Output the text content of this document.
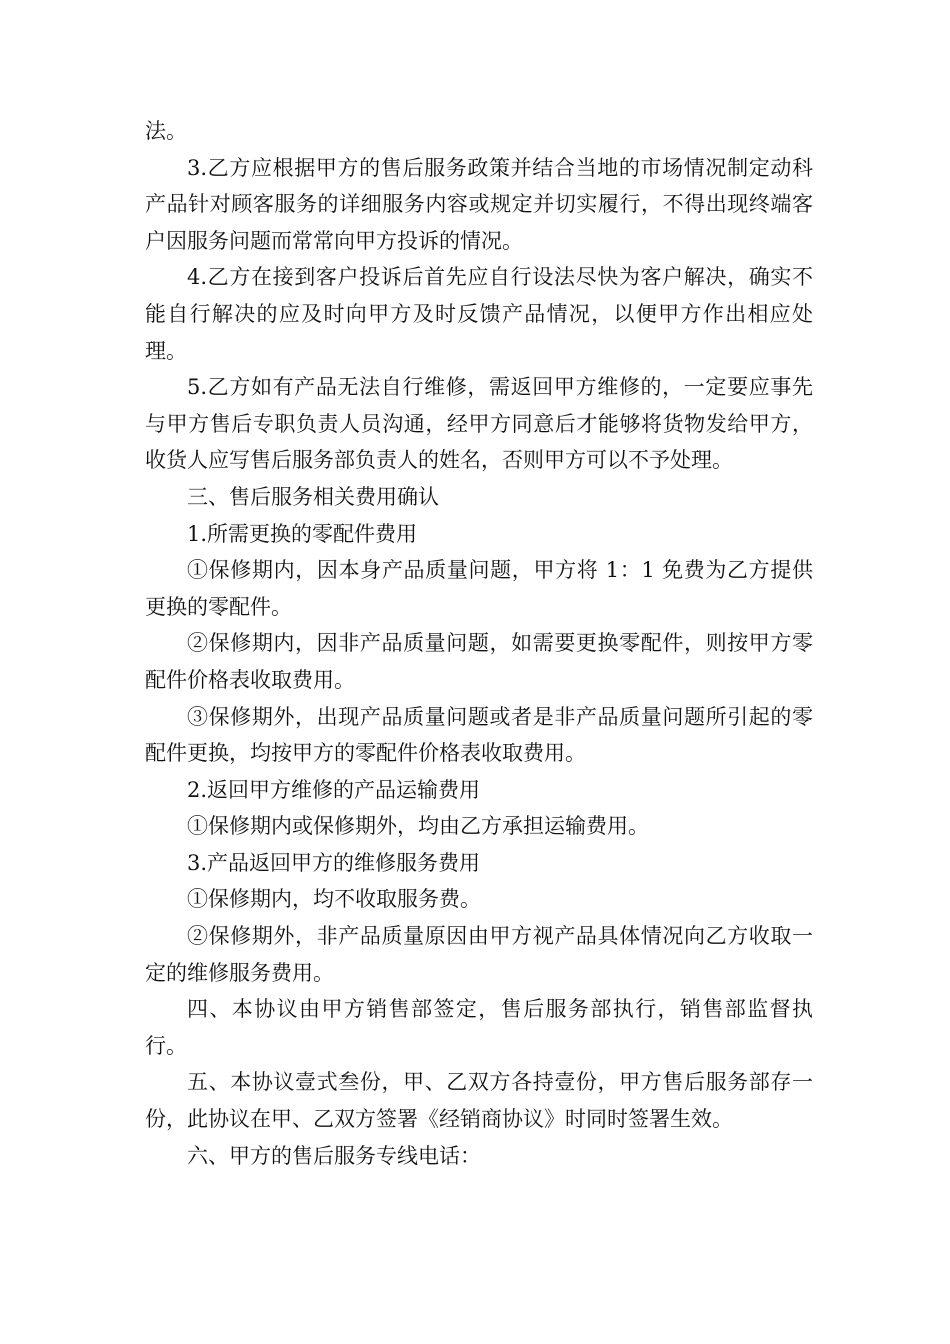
法。

3.乙方应根据甲方的售后服务政策并结合当地的市场情况制定动科产品针对顾客服务的详细服务内容或规定并切实履行，不得出现终端客户因服务问题而常常向甲方投诉的情况。

4.乙方在接到客户投诉后首先应自行设法尽快为客户解决，确实不能自行解决的应及时向甲方及时反馈产品情况，以便甲方作出相应处理。

5.乙方如有产品无法自行维修，需返回甲方维修的，一定要应事先与甲方售后专职负责人员沟通，经甲方同意后才能够将货物发给甲方，收货人应写售后服务部负责人的姓名，否则甲方可以不予处理。

三、售后服务相关费用确认

1.所需更换的零配件费用

①保修期内，因本身产品质量问题，甲方将 1：1 免费为乙方提供更换的零配件。

②保修期内，因非产品质量问题，如需要更换零配件，则按甲方零配件价格表收取费用。

③保修期外，出现产品质量问题或者是非产品质量问题所引起的零配件更换，均按甲方的零配件价格表收取费用。

2.返回甲方维修的产品运输费用

①保修期内或保修期外，均由乙方承担运输费用。

3.产品返回甲方的维修服务费用

①保修期内，均不收取服务费。

②保修期外，非产品质量原因由甲方视产品具体情况向乙方收取一定的维修服务费用。

四、本协议由甲方销售部签定，售后服务部执行，销售部监督执行。

五、本协议壹式叁份，甲、乙双方各持壹份，甲方售后服务部存一份，此协议在甲、乙双方签署《经销商协议》时同时签署生效。

六、甲方的售后服务专线电话：
